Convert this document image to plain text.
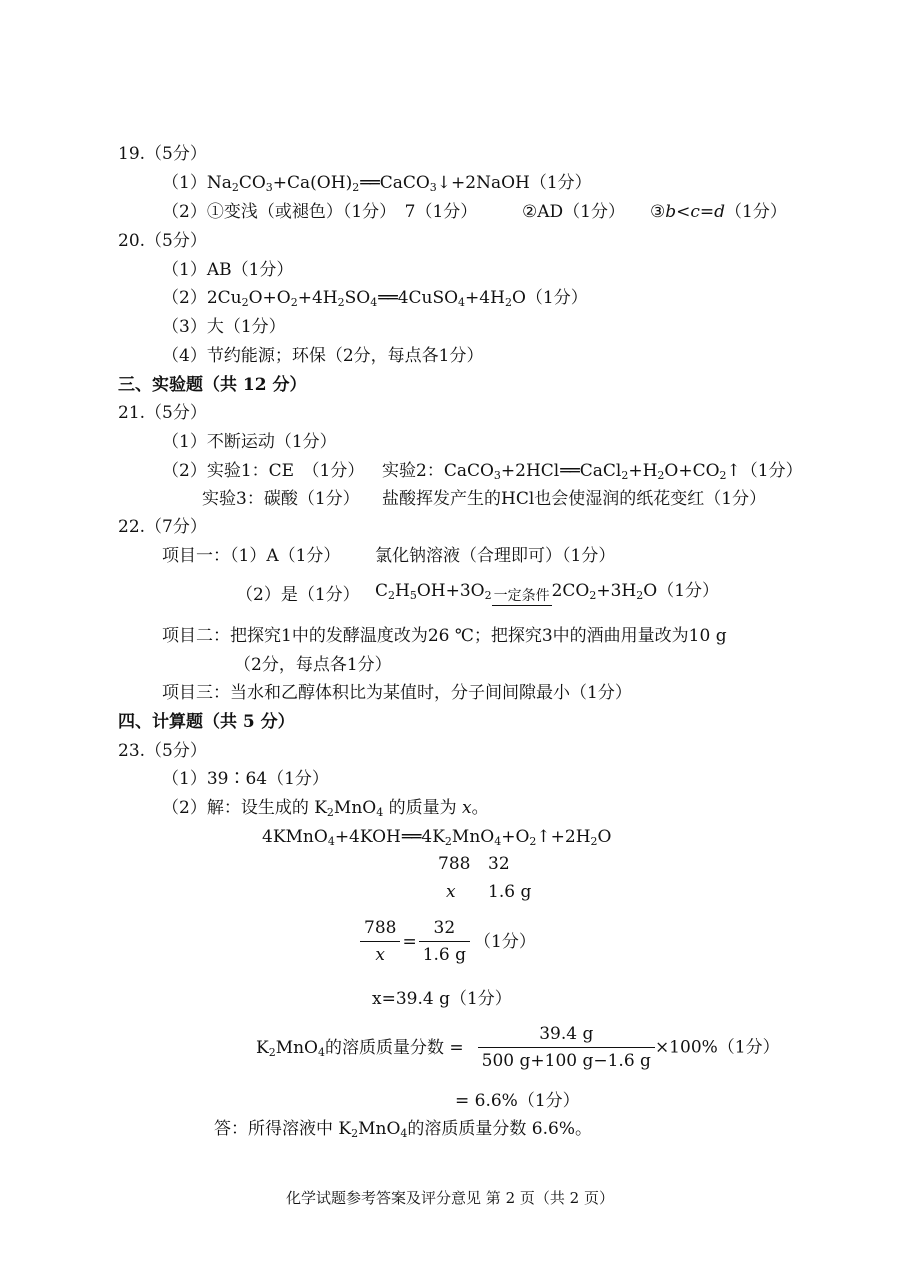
19.（5分）
$(1)Na_2CO_3+Ca(OH)_2══CaCO_3↓+2NaOH(1$分）
（2）①变浅（或褪色）（1分）　7（1分）	②AD（1分） ③b<c=d（1分）
20.（5分）
（1）AB（1分）
$(2)2Cu_2O+O_2+4H_2SO_4══4CuSO_4+4H_2O(1$分）
（3）大（1分）
（4）节约能源；环保（2分，每点各1分）
三、实验题（共 12 分）
21.（5分）
（1）不断运动（1分）
（2）实验1：CE　（1分） 实验2：$CaCO_3+2HCl══CaCl_2+H_2O+CO_2↑(1$分）
实验3：碳酸（1分） 盐酸挥发产生的HCl也会使湿润的纸花变红（1分）
22.（7分）
项目一：（1）A（1分） 氯化钠溶液（合理即可）（1分）
（2）是（1分） $C_2H_5OH+3O_2$ 一定条件 $2CO_2+3H_2O(1$分）
项目二：把探究1中的发酵温度改为26 ℃；把探究3中的酒曲用量改为10 g
（2分，每点各1分）
项目三：当水和乙醇体积比为某值时，分子间间隙最小（1分）
四、计算题（共 5 分）
23.（5分）
（1）39∶64（1分）
（2）解：设生成的 $K_2MnO_4$ 的质量为 x。
$4KMnO_4+4KOH══4K_2MnO_4+O_2↑+2H_2O$
788 32
x 1.6 g
$\frac{788}{x} = \frac{32}{1.6 g} (1$分）
x=39.4 g（1分）
$K_2MnO_4$的溶质质量分数 = $\frac{39.4 g}{500 g+100 g-1.6 g} \times 100\%(1$分）
= 6.6%（1分）
答：所得溶液中 $K_2MnO_4$的溶质质量分数 6.6%。
化学试题参考答案及评分意见 第 2 页（共 2 页）
